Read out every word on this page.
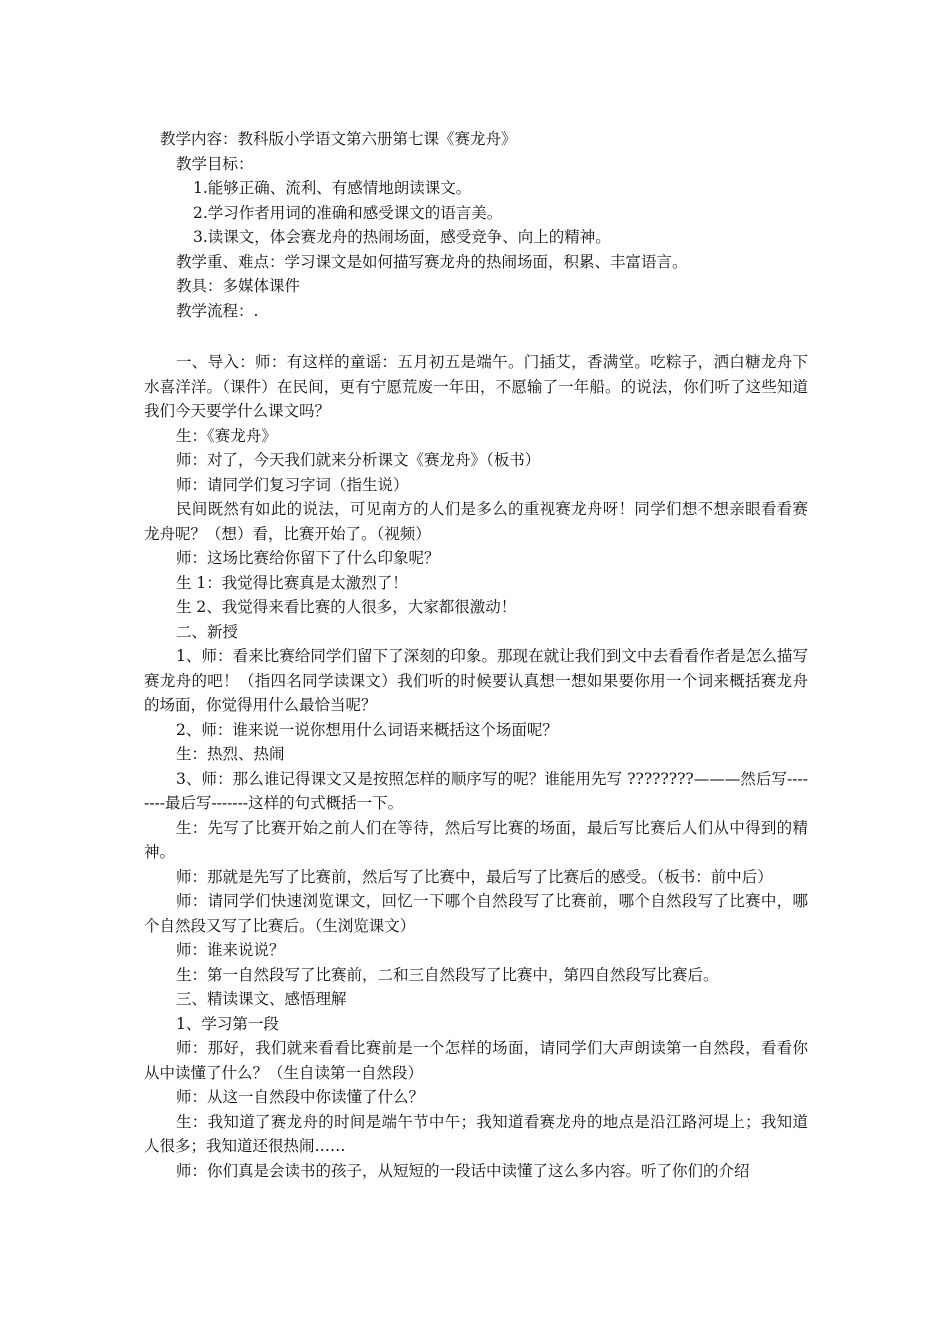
教学内容：教科版小学语文第六册第七课《赛龙舟》

教学目标：

1.能够正确、流利、有感情地朗读课文。

2.学习作者用词的准确和感受课文的语言美。

3.读课文，体会赛龙舟的热闹场面，感受竞争、向上的精神。

教学重、难点：学习课文是如何描写赛龙舟的热闹场面，积累、丰富语言。

教具：多媒体课件

教学流程：.

一、导入：师：有这样的童谣：五月初五是端午。门插艾，香满堂。吃粽子，洒白糖龙舟下水喜洋洋。（课件）在民间，更有宁愿荒废一年田，不愿输了一年船。的说法，你们听了这些知道我们今天要学什么课文吗？

生：《赛龙舟》

师：对了，今天我们就来分析课文《赛龙舟》（板书）

师：请同学们复习字词（指生说）

民间既然有如此的说法，可见南方的人们是多么的重视赛龙舟呀！同学们想不想亲眼看看赛龙舟呢？（想）看，比赛开始了。（视频）

师：这场比赛给你留下了什么印象呢？

生 1：我觉得比赛真是太激烈了！

生 2、我觉得来看比赛的人很多，大家都很激动！

二、新授

1、师：看来比赛给同学们留下了深刻的印象。那现在就让我们到文中去看看作者是怎么描写赛龙舟的吧！（指四名同学读课文）我们听的时候要认真想一想如果要你用一个词来概括赛龙舟的场面，你觉得用什么最恰当呢？

2、师：谁来说一说你想用什么词语来概括这个场面呢？

生：热烈、热闹

3、师：那么谁记得课文又是按照怎样的顺序写的呢？谁能用先写 ????????———然后写--------最后写-------这样的句式概括一下。

生：先写了比赛开始之前人们在等待，然后写比赛的场面，最后写比赛后人们从中得到的精神。

师：那就是先写了比赛前，然后写了比赛中，最后写了比赛后的感受。（板书：前中后）

师：请同学们快速浏览课文，回忆一下哪个自然段写了比赛前，哪个自然段写了比赛中，哪个自然段又写了比赛后。（生浏览课文）

师：谁来说说？

生：第一自然段写了比赛前，二和三自然段写了比赛中，第四自然段写比赛后。

三、精读课文、感悟理解

1、学习第一段

师：那好，我们就来看看比赛前是一个怎样的场面，请同学们大声朗读第一自然段，看看你从中读懂了什么？（生自读第一自然段）

师：从这一自然段中你读懂了什么？

生：我知道了赛龙舟的时间是端午节中午；我知道看赛龙舟的地点是沿江路河堤上；我知道人很多；我知道还很热闹……

师：你们真是会读书的孩子，从短短的一段话中读懂了这么多内容。听了你们的介绍
